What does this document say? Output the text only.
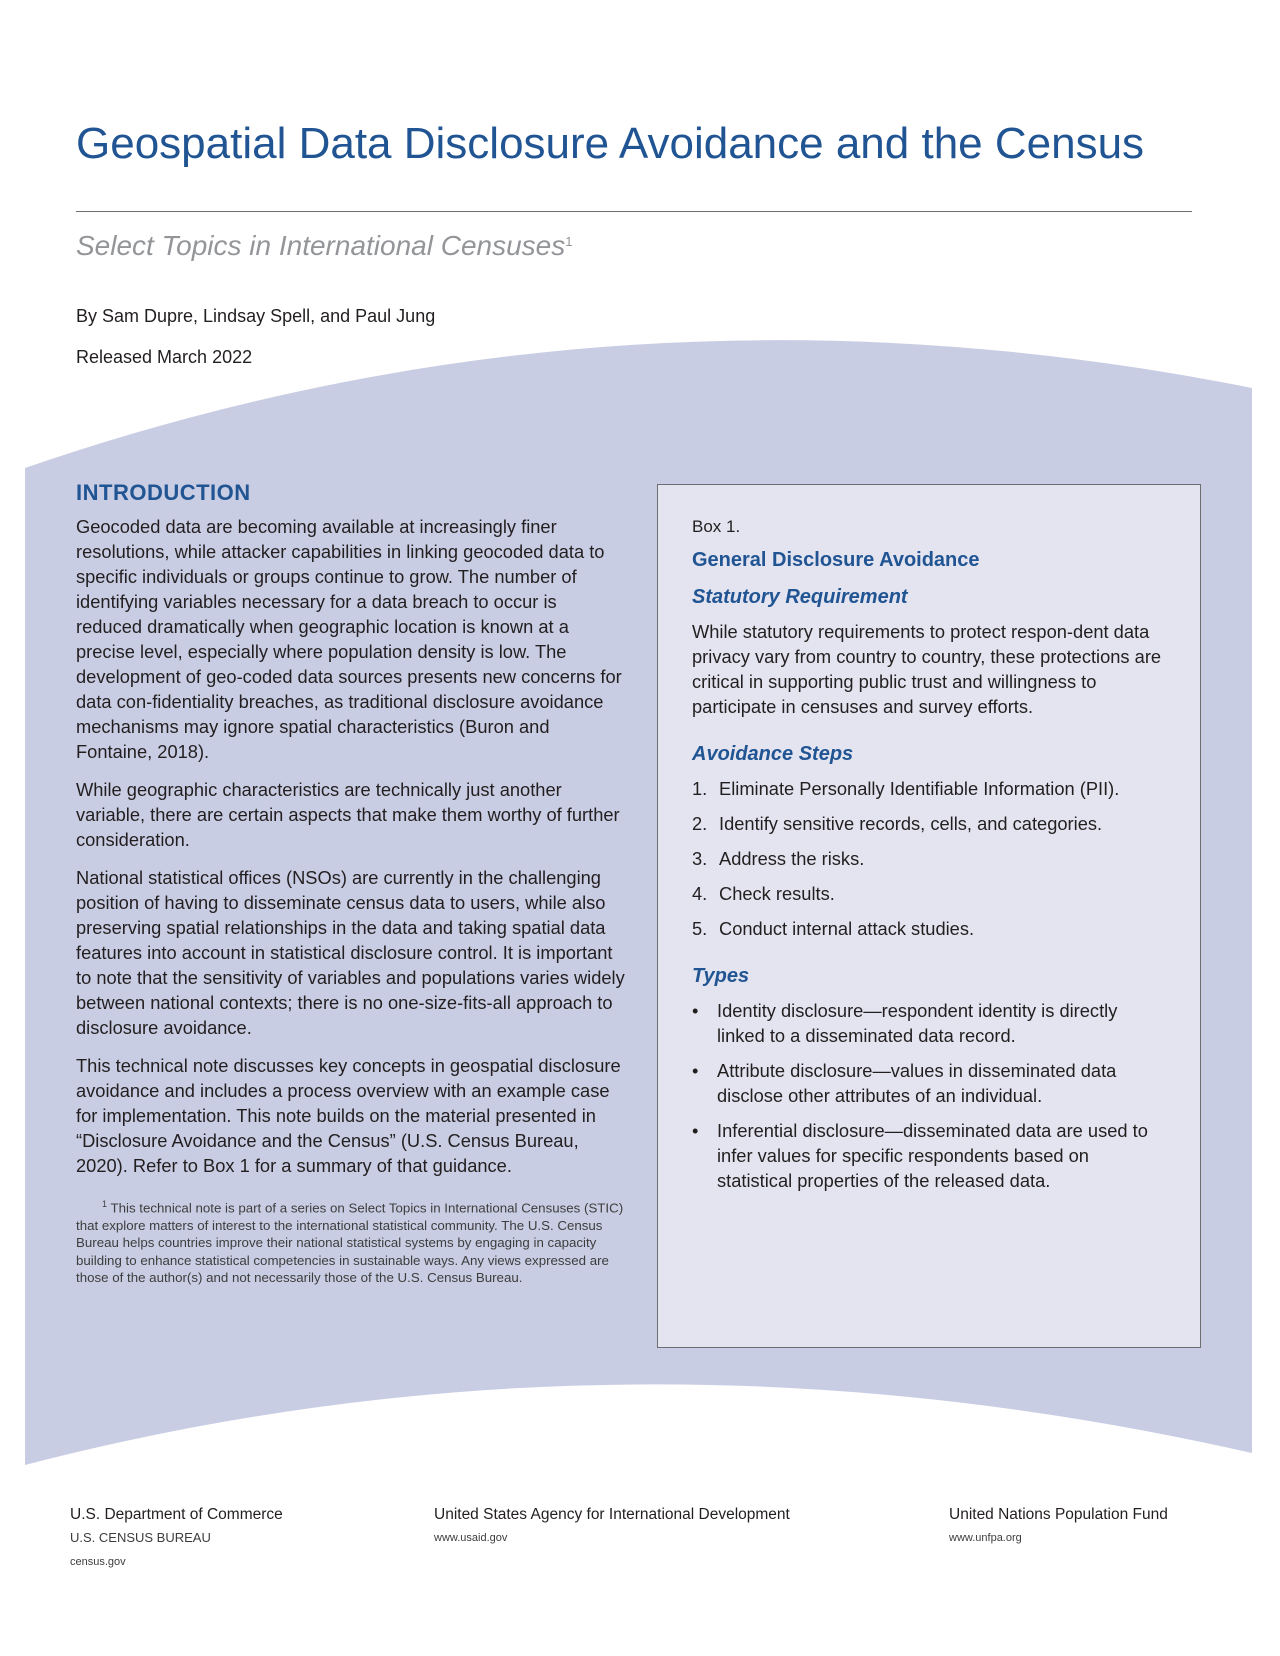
Geospatial Data Disclosure Avoidance and the Census
Select Topics in International Censuses$^1$
By Sam Dupre, Lindsay Spell, and Paul Jung
Released March 2022
INTRODUCTION

Geocoded data are becoming available at increasingly finer resolutions, while attacker capabilities in linking geocoded data to specific individuals or groups continue to grow. The number of identifying variables necessary for a data breach to occur is reduced dramatically when geographic location is known at a precise level, especially where population density is low. The development of geo-coded data sources presents new concerns for data con-fidentiality breaches, as traditional disclosure avoidance mechanisms may ignore spatial characteristics (Buron and Fontaine, 2018).

While geographic characteristics are technically just another variable, there are certain aspects that make them worthy of further consideration.

National statistical offices (NSOs) are currently in the challenging position of having to disseminate census data to users, while also preserving spatial relationships in the data and taking spatial data features into account in statistical disclosure control. It is important to note that the sensitivity of variables and populations varies widely between national contexts; there is no one-size-fits-all approach to disclosure avoidance.

This technical note discusses key concepts in geospatial disclosure avoidance and includes a process overview with an example case for implementation. This note builds on the material presented in “Disclosure Avoidance and the Census” (U.S. Census Bureau, 2020). Refer to Box 1 for a summary of that guidance.

$^1$ This technical note is part of a series on Select Topics in International Censuses (STIC) that explore matters of interest to the international statistical community. The U.S. Census Bureau helps countries improve their national statistical systems by engaging in capacity building to enhance statistical competencies in sustainable ways. Any views expressed are those of the author(s) and not necessarily those of the U.S. Census Bureau.
Box 1.
General Disclosure Avoidance
Statutory Requirement

While statutory requirements to protect respon-dent data privacy vary from country to country, these protections are critical in supporting public trust and willingness to participate in censuses and survey efforts.

Avoidance Steps
1. Eliminate Personally Identifiable Information (PII).
2. Identify sensitive records, cells, and categories.
3. Address the risks.
4. Check results.
5. Conduct internal attack studies.
Types
•	Identity disclosure—respondent identity is directly linked to a disseminated data record.
•	Attribute disclosure—values in disseminated data disclose other attributes of an individual.
•	Inferential disclosure—disseminated data are used to infer values for specific respondents based on statistical properties of the released data.
U.S. Department of Commerce
U.S. CENSUS BUREAU
census.gov
United States Agency for International Development
www.usaid.gov
United Nations Population Fund
www.unfpa.org
